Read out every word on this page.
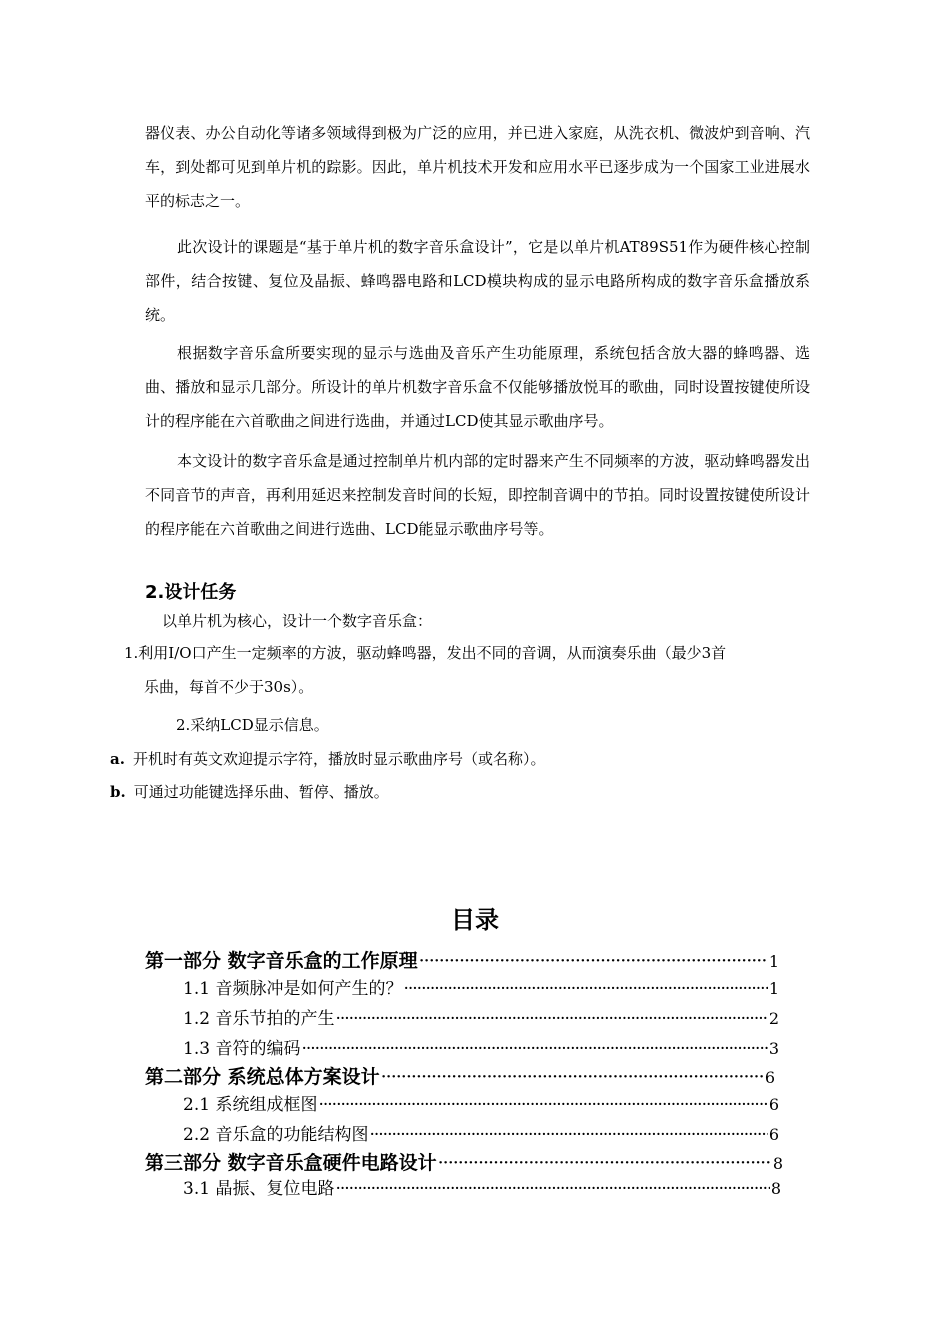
器仪表、办公自动化等诸多领域得到极为广泛的应用，并已进入家庭，从洗衣机、微波炉到音响、汽车，到处都可见到单片机的踪影。因此，单片机技术开发和应用水平已逐步成为一个国家工业进展水平的标志之一。

此次设计的课题是“基于单片机的数字音乐盒设计”，它是以单片机AT89S51作为硬件核心控制部件，结合按键、复位及晶振、蜂鸣器电路和LCD模块构成的显示电路所构成的数字音乐盒播放系统。

根据数字音乐盒所要实现的显示与选曲及音乐产生功能原理，系统包括含放大器的蜂鸣器、选曲、播放和显示几部分。所设计的单片机数字音乐盒不仅能够播放悦耳的歌曲，同时设置按键使所设计的程序能在六首歌曲之间进行选曲，并通过LCD使其显示歌曲序号。

本文设计的数字音乐盒是通过控制单片机内部的定时器来产生不同频率的方波，驱动蜂鸣器发出不同音节的声音，再利用延迟来控制发音时间的长短，即控制音调中的节拍。同时设置按键使所设计的程序能在六首歌曲之间进行选曲、LCD能显示歌曲序号等。

2.设计任务

以单片机为核心，设计一个数字音乐盒：

1.利用I/O口产生一定频率的方波，驱动蜂鸣器，发出不同的音调，从而演奏乐曲（最少3首
乐曲，每首不少于30s）。

2.采纳LCD显示信息。

a. 开机时有英文欢迎提示字符，播放时显示歌曲序号（或名称）。

b. 可通过功能键选择乐曲、暂停、播放。

目录
第一部分 数字音乐盒的工作原理 ·····	1
1.1 音频脉冲是如何产生的？ ·····	1
1.2 音乐节拍的产生 ·····	2
1.3 音符的编码 ·····	3
第二部分 系统总体方案设计 ·····	6
2.1 系统组成框图 ·····	6
2.2 音乐盒的功能结构图 ·····	6
第三部分 数字音乐盒硬件电路设计 ·····	8
3.1 晶振、复位电路 ·····	8
